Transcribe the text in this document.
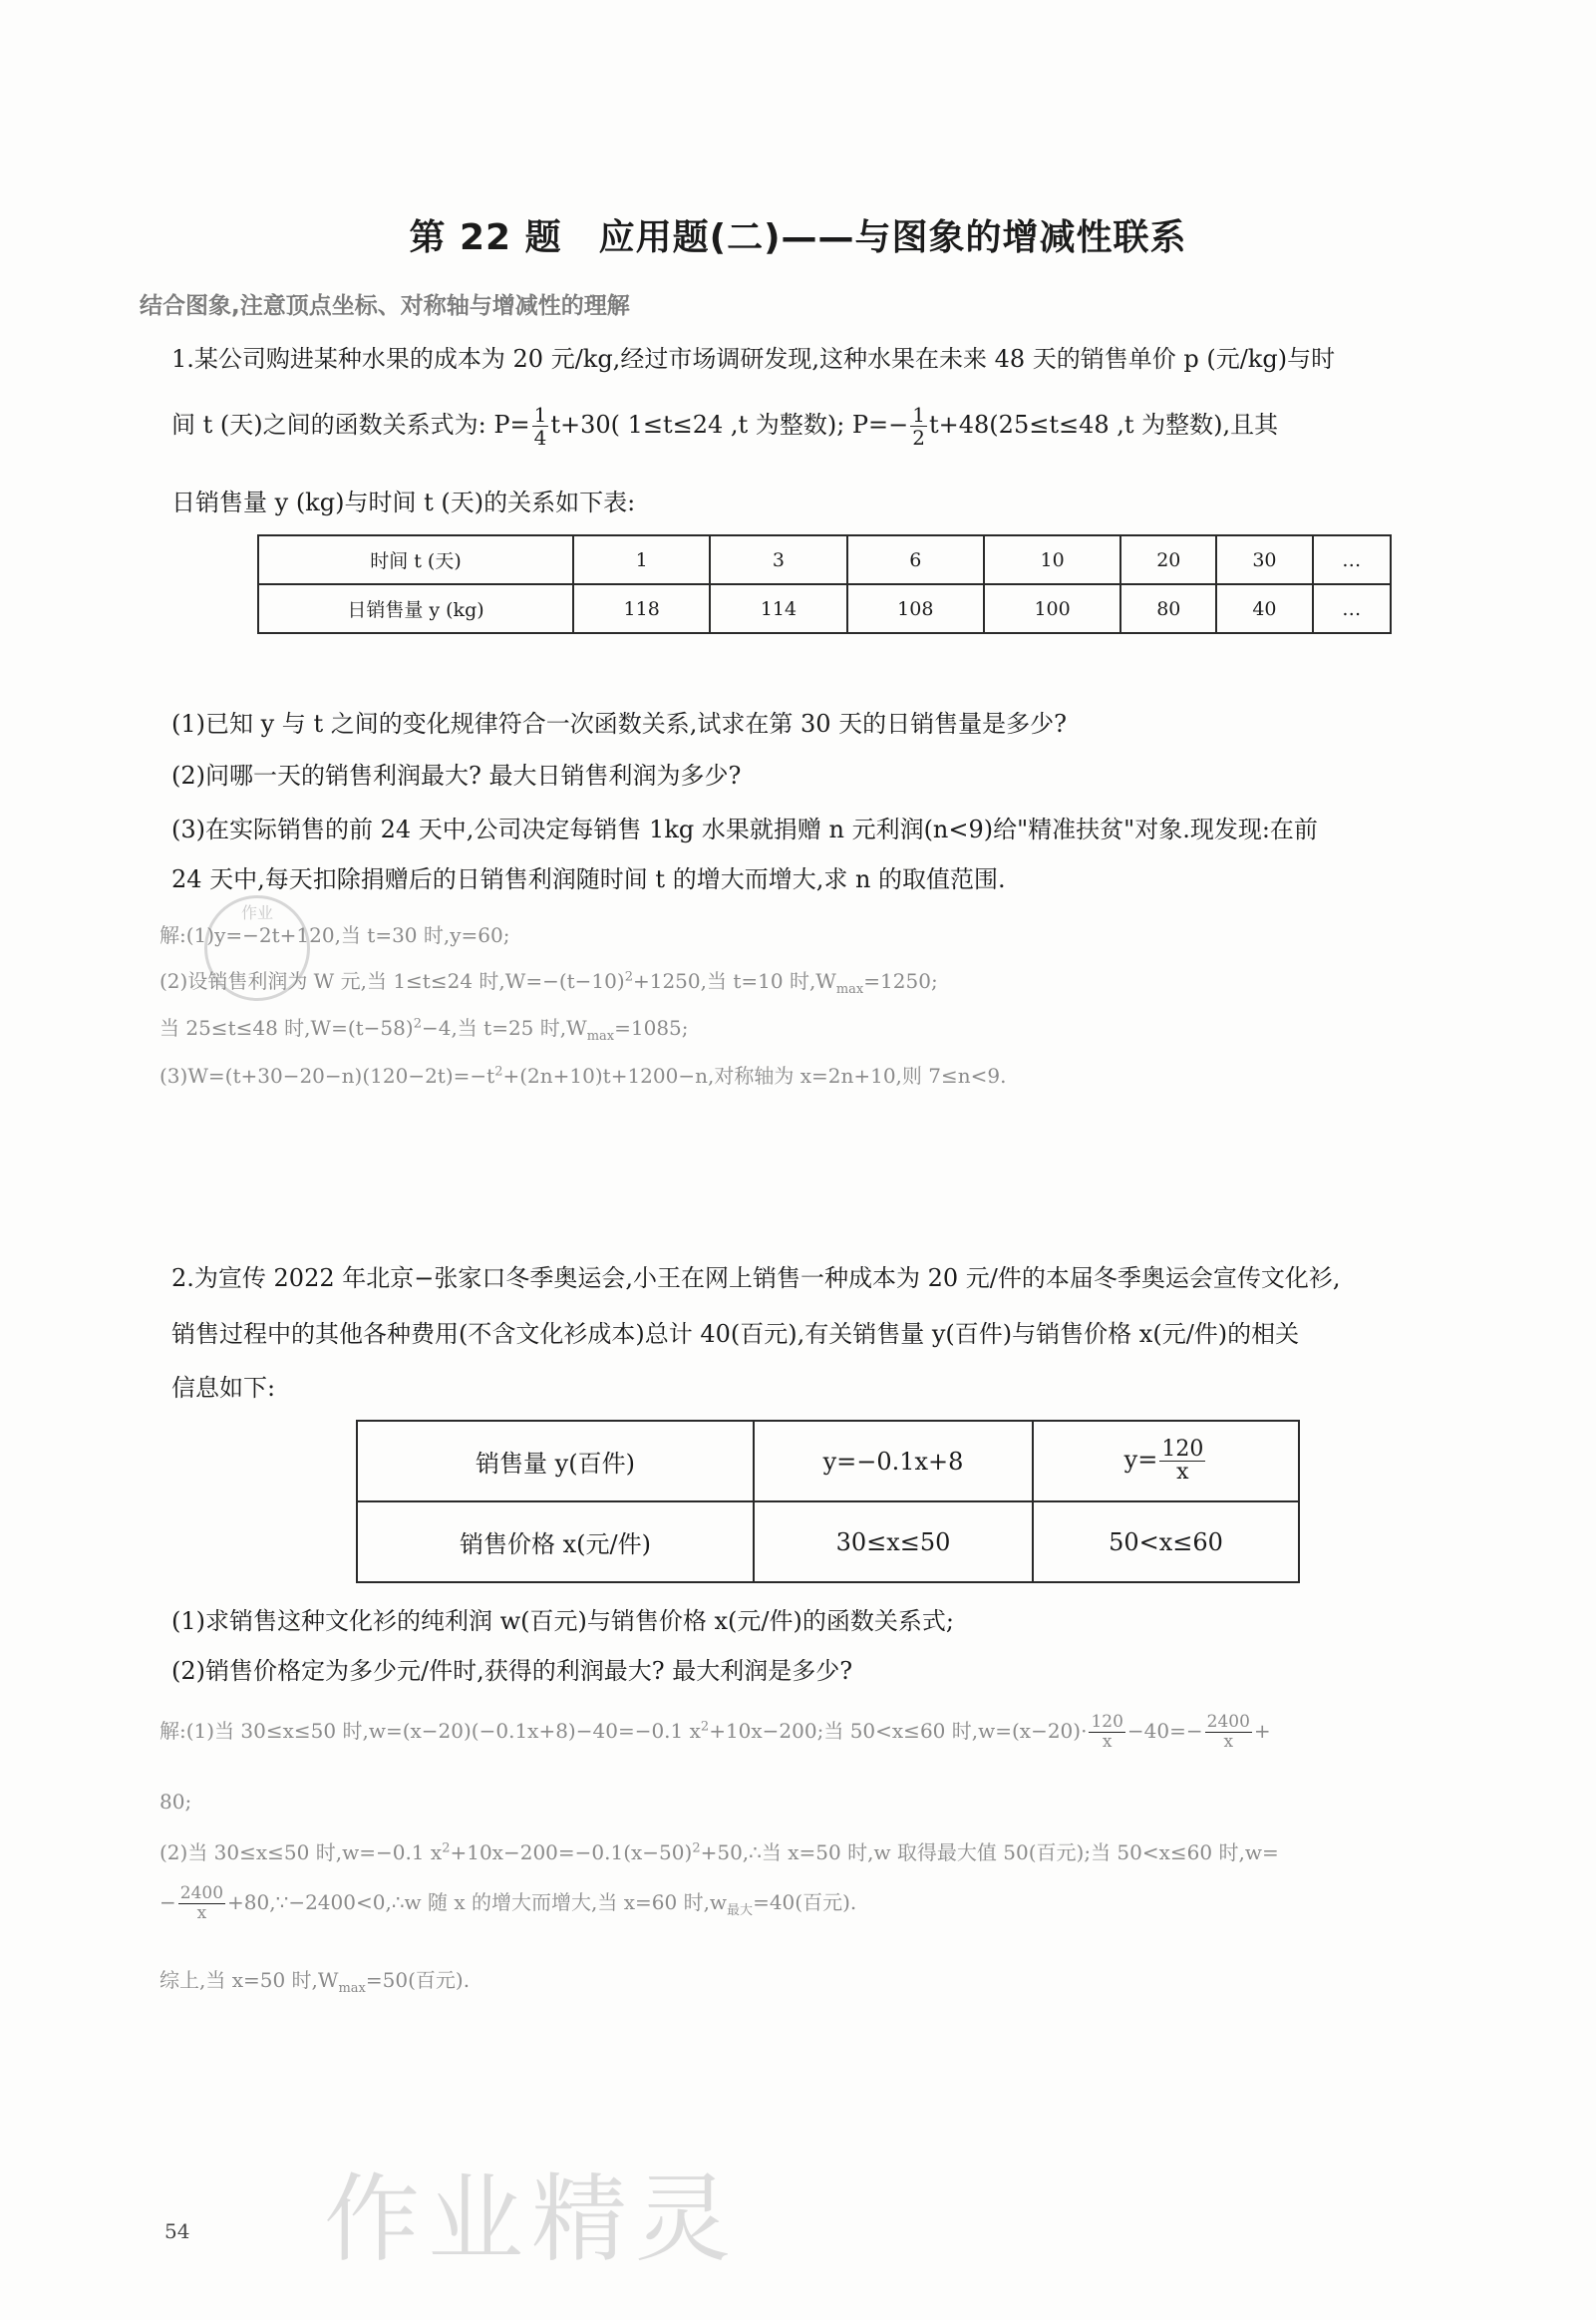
第 22 题　应用题(二)——与图象的增减性联系
结合图象,注意顶点坐标、对称轴与增减性的理解
1.某公司购进某种水果的成本为 20 元/kg,经过市场调研发现,这种水果在未来 48 天的销售单价 p (元/kg)与时
间 t (天)之间的函数关系式为: $P= \frac{1}{4} t+30$( 1≤t≤24 ,t 为整数); $P=- \frac{1}{2} t+48(25\le t\le 48$ ,t 为整数),且其
日销售量 y (kg)与时间 t (天)的关系如下表:
时间 t (天)	1	3	6	10	20	30	…
日销售量 y (kg)	118	114	108	100	80	40	…
(1)已知 y 与 t 之间的变化规律符合一次函数关系,试求在第 30 天的日销售量是多少?
(2)问哪一天的销售利润最大? 最大日销售利润为多少?
(3)在实际销售的前 24 天中,公司决定每销售 1kg 水果就捐赠 n 元利润(n<9)给"精准扶贫"对象.现发现:在前
24 天中,每天扣除捐赠后的日销售利润随时间 t 的增大而增大,求 n 的取值范围.
作业
解:(1)y=−2t+120,当 t=30 时,y=60;
(2)设销售利润为 W 元,当 1≤t≤24 时$,W=-(t-10)^2+1250$,当 t=10 时$,W_{max}=1250$;
当 25≤t≤48 时$,W=(t-58)^2-4$,当 t=25 时$,W_{max}=1085$;
$(3)W=(t+30-20-n)(120-2t)=-t^2+(2n+10)t+1200-n$,对称轴为 x=2n+10,则 7≤n<9.
2.为宣传 2022 年北京−张家口冬季奥运会,小王在网上销售一种成本为 20 元/件的本届冬季奥运会宣传文化衫,
销售过程中的其他各种费用(不含文化衫成本)总计 40(百元),有关销售量 y(百件)与销售价格 x(元/件)的相关
信息如下:
销售量 y(百件)	y=−0.1x+8	$y= \frac{120}{x}$

销售价格 x(元/件)	30≤x≤50	50<x≤60
(1)求销售这种文化衫的纯利润 w(百元)与销售价格 x(元/件)的函数关系式;
(2)销售价格定为多少元/件时,获得的利润最大? 最大利润是多少?
解:(1)当 30≤x≤50 时,w=(x−20)(−0.1x+8)−40=−0.1 $x^2+10x-200$;当 50<x≤60 时$,w=(x-20)\cdot \frac{120}{x} -40=- \frac{2400}{x}$ +
80;
(2)当 30≤x≤50 时,w=−0.1 $x^2+10x-200=-0.1(x-50)^2+50,\therefore$当 x=50 时,w 取得最大值 50(百元);当 50<x≤60 时,w=
− $\frac{2400}{x}$ +80,∵−2400<0,∴w 随 x 的增大而增大,当 x=60 时$,w_{最大}=40$(百元).
综上,当 x=50 时$,W_{max}=50$(百元).
作业精灵
54
